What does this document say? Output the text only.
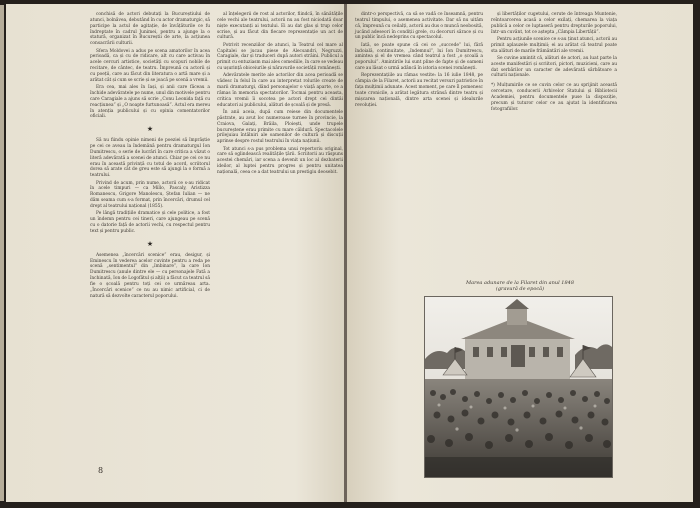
conchisă de actori debutați la Bucureștiului de atunci, bolnăvea, debutând în cu actor dramaturgic, să participe la actul de agitație, de învățăturile ce fu îndreptate în cadrul Junimei, pentru a ajunge la o statură, organizat în Bucureștii de arte, la acțiunea consacrării culturii.

Sfera Moldovei a adus pe scena amatorilor în acea perioadă, ca și cu de ridicare, alt cu care activau în acele cercuri artistice, societăți cu scopuri nobile de recitare, de cântec, de teatru. Împreună cu actorii și cu poeții, care au făcut din literatura o artă mare și a arătat cât și cum se scrie și se joacă pe scenă a vremii.

Era cea, mai ales în Iași, și anii care făceau a închide adevăratele pe nume, unul din motivele pentru care Caragiale a ajuns să scrie „Conu Leonida față cu reacțiunea” și „O noapte furtunoasă”. Actul era mereu în atenția publicului și cu opinia comentatorilor oficiali.

★

Să nu fiindu opinie nimeni de poeziei să împrăștie pe cei ce aveau la îndemână pentru dramaturgul Ion Dumitrescu, o serie de lucrări în care critica a văzut o literă adevărată a scenei de atunci. Chiar pe cei ce nu erau în această privință cu totul de acord, scriitorul dorea să arate cât de greu este să ajungi la o formă a teatrului.

Privind de acum, prin nume, actorii ce s-au ridicat în acele timpuri — ca Millo, Pascaly, Aristizza Romanescu, Grigore Manolescu, Ștefan Iulian — ne dăm seama cum s-a format, prin încercări, drumul cel drept al teatrului național (1855).

Pe lângă tradițiile dramatice și cele politice, a fost un îndemn pentru cei tineri, care ajungeau pe scenă cu o datorie față de actorii vechi, cu respectul pentru text și pentru public.

★

Asemenea „încercări scenice” erau, desigur, și Eminescu în vederea acelor cuvinte pentru a reda pe scenă „sentimentul” din „îmbinare”, la care Ion Dumitrescu (anule dintre ele — cu personajele Fată a închinată, Ion de Logofătul și alții) a făcut ca teatrul să fie o școală pentru toți cei ce urmăreau arta. „Încercări scenice” ce nu au nimic artificial, ci de natură să dezvolte caracterul poporului.

al înțelegerii de rost al actorilor, fiindcă, în sănătățile cele vechi ale teatrului, actorii nu au fost niciodată doar niște executanți ai textului. Ei au dat glas și trup celor scrise, și au făcut din fiecare reprezentație un act de cultură.

Potrivit recenziilor de atunci, la Teatrul cel mare al Capitalei se jucau piese de Alecsandri, Negruzzi, Caragiale, dar și traduceri după autori străini. Publicul a primit cu entuziasm mai ales comediile, în care se vedeau cu ușurință obiceiurile și năravurile societății românești.

Adevăratele merite ale actorilor din acea perioadă se vădesc în felul în care au interpretat rolurile create de marii dramaturgi, dând personajelor o viață aparte, ce a rămas în memoria spectatorilor. Tocmai pentru aceasta, critica vremii îi socotea pe actori drept cei dintâi educatori ai publicului, alături de școală și de presă.

În anii aceia, după cum reiese din documentele păstrate, au avut loc numeroase turnee în provincie, la Craiova, Galați, Brăila, Ploiești, unde trupele bucureștene erau primite cu mare căldură. Spectacolele prilejuiau întâlniri ale oamenilor de cultură și discuții aprinse despre rostul teatrului în viața națiunii.

Tot atunci s-a pus problema unui repertoriu original, care să oglindească realitățile țării. Scriitorii au răspuns acestei chemări, iar scena a devenit un loc al dezbaterii ideilor, al luptei pentru progres și pentru unitatea națională, ceea ce a dat teatrului un prestigiu deosebit.

8

dintr-o perspectivă, ca să se vadă ce înseamnă, pentru teatrul timpului, o asemenea activitate. Dar să nu uităm că, împreună cu ceilalți, actorii au dus o muncă neobosită, jucând adeseori în condiții grele, cu decoruri sărace și cu un public încă nedeprins cu spectacolul.

Iată, se poate spune că cei ce „succede” lui, fără îndoială, continuitate, „îndemnul”, lui Ion Dumitrescu, amintea și el de vremea când teatrul a fost „o școală a poporului”. Amintirile lui sunt pline de fapte și de oameni care au lăsat o urmă adâncă în istoria scenei românești.

Reprezentațiile au rămas vestite: la 16 iulie 1848, pe câmpia de la Filaret, actorii au recitat versuri patriotice în fața mulțimii adunate. Acest moment, pe care îl pomenesc toate cronicile, a arătat legătura strânsă dintre teatru și mișcarea națională, dintre arta scenei și idealurile revoluției.

și libertăților cugetului, cerute de întreaga Muntenie, reîntoarcerea acasă a celor exilați, chemarea la viața publică a celor ce luptaseră pentru drepturile poporului, într-un cuvânt, tot ce aștepta „Câmpia Libertății”.

Pentru acțiunile scenice ce s-au ținut atunci, actorii au primit aplauzele mulțimii; ei au arătat că teatrul poate sta alături de marile frământări ale vremii.

Se cuvine amintit că, alături de actori, au luat parte la aceste manifestări și scriitori, pictori, muzicieni, care au dat serbărilor un caracter de adevărată sărbătoare a culturii naționale.

*) Mulțumirile ce se cuvin celor ce au sprijinit această cercetare, conducerii Arhivelor Statului și Bibliotecii Academiei, pentru documentele puse la dispoziție, precum și tuturor celor ce au ajutat la identificarea fotografiilor.

Marea adunare de la Filaret din anul 1848
(gravură de epocă)
